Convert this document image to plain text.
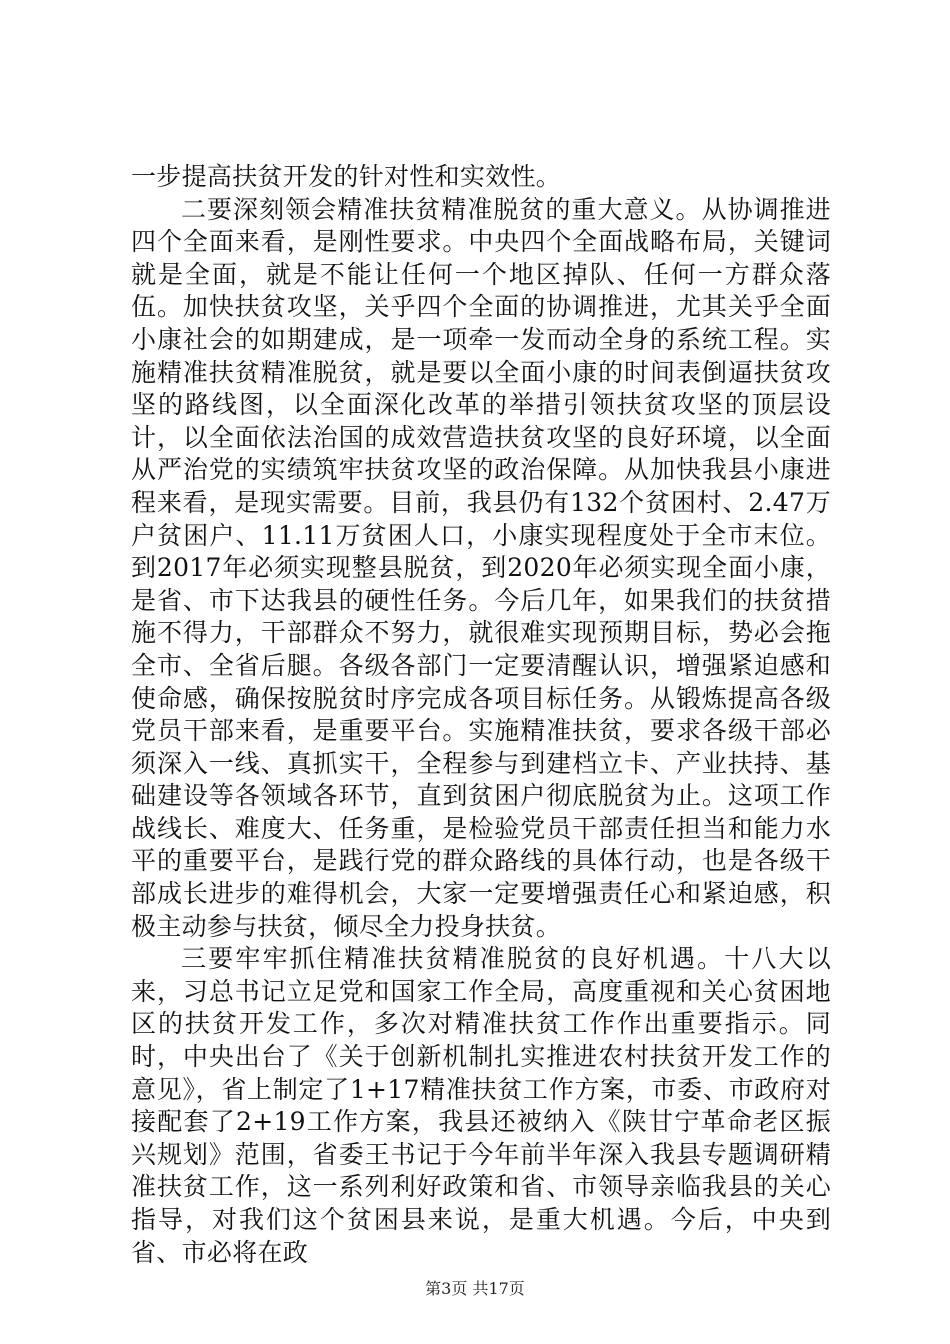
一步提高扶贫开发的针对性和实效性。

二要深刻领会精准扶贫精准脱贫的重大意义。从协调推进四个全面来看，是刚性要求。中央四个全面战略布局，关键词就是全面，就是不能让任何一个地区掉队、任何一方群众落伍。加快扶贫攻坚，关乎四个全面的协调推进，尤其关乎全面小康社会的如期建成，是一项牵一发而动全身的系统工程。实施精准扶贫精准脱贫，就是要以全面小康的时间表倒逼扶贫攻坚的路线图，以全面深化改革的举措引领扶贫攻坚的顶层设计，以全面依法治国的成效营造扶贫攻坚的良好环境，以全面从严治党的实绩筑牢扶贫攻坚的政治保障。从加快我县小康进程来看，是现实需要。目前，我县仍有132个贫困村、2.47万户贫困户、11.11万贫困人口，小康实现程度处于全市末位。到2017年必须实现整县脱贫，到2020年必须实现全面小康，是省、市下达我县的硬性任务。今后几年，如果我们的扶贫措施不得力，干部群众不努力，就很难实现预期目标，势必会拖全市、全省后腿。各级各部门一定要清醒认识，增强紧迫感和使命感，确保按脱贫时序完成各项目标任务。从锻炼提高各级党员干部来看，是重要平台。实施精准扶贫，要求各级干部必须深入一线、真抓实干，全程参与到建档立卡、产业扶持、基础建设等各领域各环节，直到贫困户彻底脱贫为止。这项工作战线长、难度大、任务重，是检验党员干部责任担当和能力水平的重要平台，是践行党的群众路线的具体行动，也是各级干部成长进步的难得机会，大家一定要增强责任心和紧迫感，积极主动参与扶贫，倾尽全力投身扶贫。

三要牢牢抓住精准扶贫精准脱贫的良好机遇。十八大以来，习总书记立足党和国家工作全局，高度重视和关心贫困地区的扶贫开发工作，多次对精准扶贫工作作出重要指示。同时，中央出台了《关于创新机制扎实推进农村扶贫开发工作的意见》，省上制定了1+17精准扶贫工作方案，市委、市政府对接配套了2+19工作方案，我县还被纳入《陕甘宁革命老区振兴规划》范围，省委王书记于今年前半年深入我县专题调研精准扶贫工作，这一系列利好政策和省、市领导亲临我县的关心指导，对我们这个贫困县来说，是重大机遇。今后，中央到省、市必将在政

第3页 共17页
